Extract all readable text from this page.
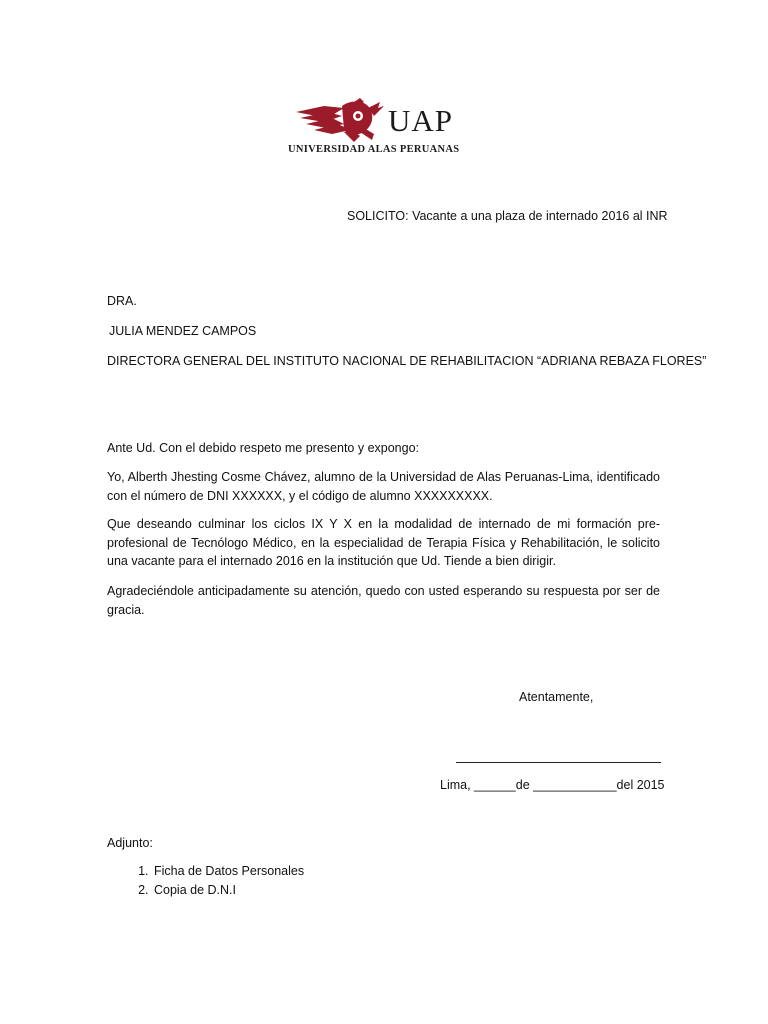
UAP
UNIVERSIDAD ALAS PERUANAS
SOLICITO: Vacante a una plaza de internado 2016 al INR
DRA.
JULIA MENDEZ CAMPOS
DIRECTORA GENERAL DEL INSTITUTO NACIONAL DE REHABILITACION “ADRIANA REBAZA FLORES”
Ante Ud. Con el debido respeto me presento y expongo:
Yo, Alberth Jhesting Cosme Chávez, alumno de la Universidad de Alas Peruanas-Lima, identificado con el número de DNI XXXXXX, y el código de alumno XXXXXXXXX.
Que deseando culminar los ciclos IX Y X en la modalidad de internado de mi formación pre-profesional de Tecnólogo Médico, en la especialidad de Terapia Física y Rehabilitación, le solicito una vacante para el internado 2016 en la institución que Ud. Tiende a bien dirigir.
Agradeciéndole anticipadamente su atención, quedo con usted esperando su respuesta por ser de gracia.
Atentamente,
Lima, ______de ____________del 2015
Adjunto:
1. Ficha de Datos Personales
2. Copia de D.N.I
